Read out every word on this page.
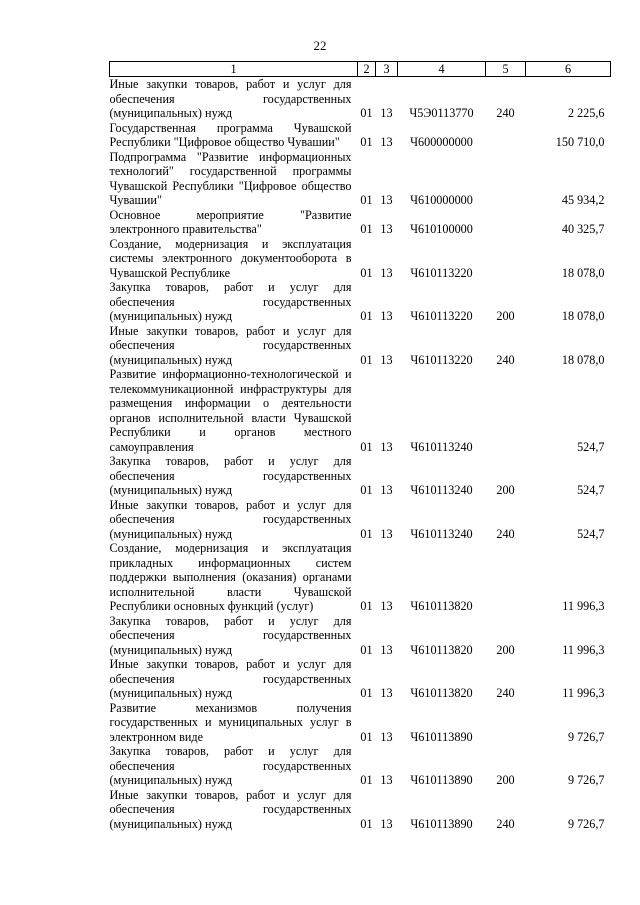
22
1	2	3	4	5	6
Иные закупки товаров, работ и услуг для обеспечения государственных (муниципальных) нужд	01	13	Ч5Э0113770	240	2 225,6
Государственная программа Чувашской Республики "Цифровое общество Чувашии"	01	13	Ч600000000		150 710,0
Подпрограмма "Развитие информационных технологий" государственной программы Чувашской Республики "Цифровое общество Чувашии"	01	13	Ч610000000		45 934,2
Основное мероприятие "Развитие электронного правительства"	01	13	Ч610100000		40 325,7
Создание, модернизация и эксплуатация системы электронного документооборота в Чувашской Республике	01	13	Ч610113220		18 078,0
Закупка товаров, работ и услуг для обеспечения государственных (муниципальных) нужд	01	13	Ч610113220	200	18 078,0
Иные закупки товаров, работ и услуг для обеспечения государственных (муниципальных) нужд	01	13	Ч610113220	240	18 078,0
Развитие информационно-технологической и телекоммуникационной инфраструктуры для размещения информации о деятельности органов исполнительной власти Чувашской Республики и органов местного самоуправления	01	13	Ч610113240		524,7
Закупка товаров, работ и услуг для обеспечения государственных (муниципальных) нужд	01	13	Ч610113240	200	524,7
Иные закупки товаров, работ и услуг для обеспечения государственных (муниципальных) нужд	01	13	Ч610113240	240	524,7
Создание, модернизация и эксплуатация прикладных информационных систем поддержки выполнения (оказания) органами исполнительной власти Чувашской Республики основных функций (услуг)	01	13	Ч610113820		11 996,3
Закупка товаров, работ и услуг для обеспечения государственных (муниципальных) нужд	01	13	Ч610113820	200	11 996,3
Иные закупки товаров, работ и услуг для обеспечения государственных (муниципальных) нужд	01	13	Ч610113820	240	11 996,3
Развитие механизмов получения государственных и муниципальных услуг в электронном виде	01	13	Ч610113890		9 726,7
Закупка товаров, работ и услуг для обеспечения государственных (муниципальных) нужд	01	13	Ч610113890	200	9 726,7
Иные закупки товаров, работ и услуг для обеспечения государственных (муниципальных) нужд	01	13	Ч610113890	240	9 726,7
